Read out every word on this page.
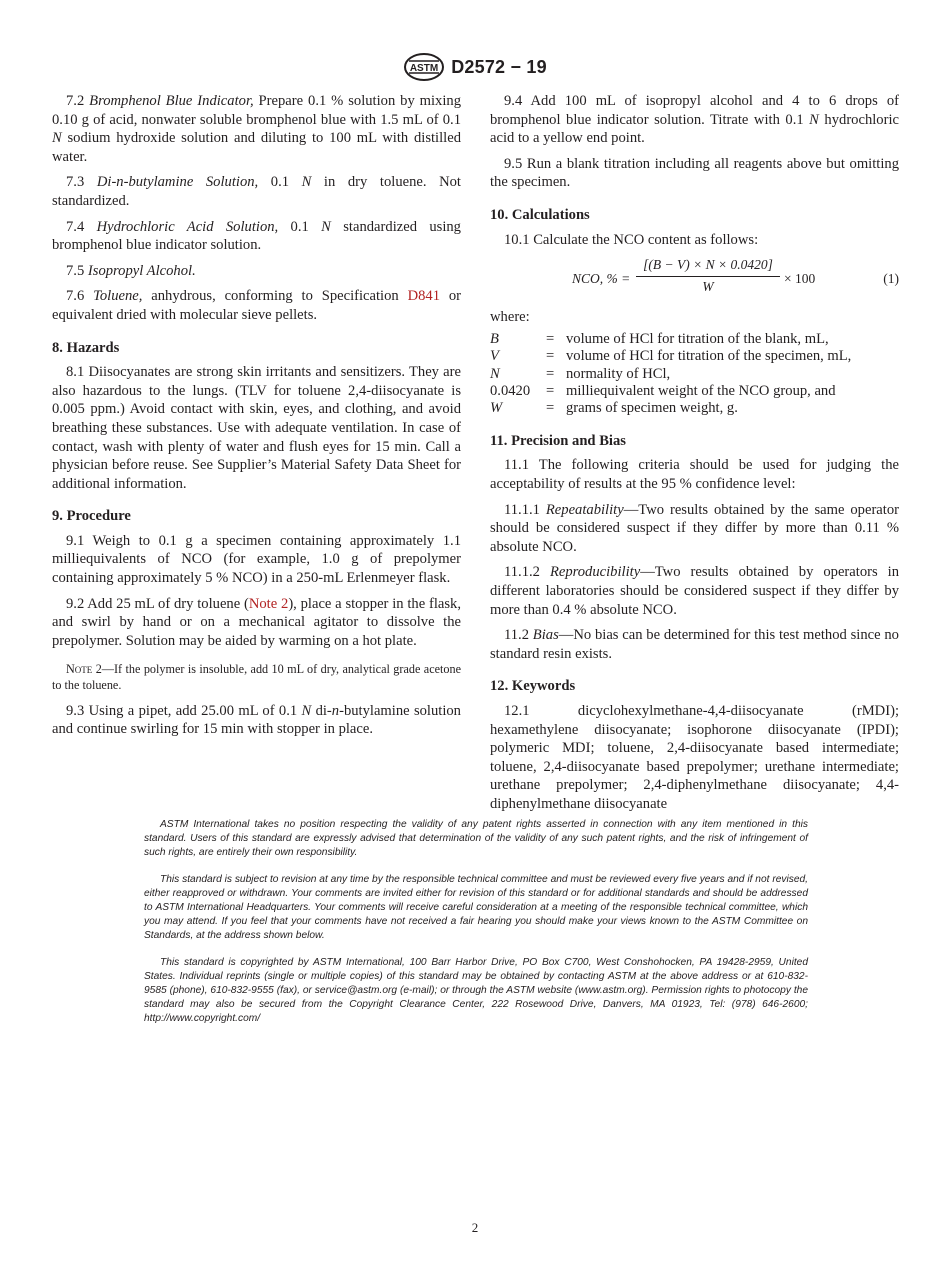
ASTM D2572 − 19

7.2 Bromphenol Blue Indicator, Prepare 0.1 % solution by mixing 0.10 g of acid, nonwater soluble bromphenol blue with 1.5 mL of 0.1 N sodium hydroxide solution and diluting to 100 mL with distilled water.

7.3 Di-n-butylamine Solution, 0.1 N in dry toluene. Not standardized.

7.4 Hydrochloric Acid Solution, 0.1 N standardized using bromphenol blue indicator solution.

7.5 Isopropyl Alcohol.

7.6 Toluene, anhydrous, conforming to Specification D841 or equivalent dried with molecular sieve pellets.

8. Hazards

8.1 Diisocyanates are strong skin irritants and sensitizers. They are also hazardous to the lungs. (TLV for toluene 2,4-diisocyanate is 0.005 ppm.) Avoid contact with skin, eyes, and clothing, and avoid breathing these substances. Use with adequate ventilation. In case of contact, wash with plenty of water and flush eyes for 15 min. Call a physician before reuse. See Supplier’s Material Safety Data Sheet for additional information.

9. Procedure

9.1 Weigh to 0.1 g a specimen containing approximately 1.1 milliequivalents of NCO (for example, 1.0 g of prepolymer containing approximately 5 % NCO) in a 250-mL Erlenmeyer flask.

9.2 Add 25 mL of dry toluene (Note 2), place a stopper in the flask, and swirl by hand or on a mechanical agitator to dissolve the prepolymer. Solution may be aided by warming on a hot plate.

Note 2—If the polymer is insoluble, add 10 mL of dry, analytical grade acetone to the toluene.

9.3 Using a pipet, add 25.00 mL of 0.1 N di-n-butylamine solution and continue swirling for 15 min with stopper in place.

9.4 Add 100 mL of isopropyl alcohol and 4 to 6 drops of bromphenol blue indicator solution. Titrate with 0.1 N hydrochloric acid to a yellow end point.

9.5 Run a blank titration including all reagents above but omitting the specimen.

10. Calculations

10.1 Calculate the NCO content as follows:

NCO, % = $\frac{[(B - V) \times N \times 0.0420]}{W} \times 100$	(1)

where:

B	=	volume of HCl for titration of the blank, mL,
V	=	volume of HCl for titration of the specimen, mL,
N	=	normality of HCl,
0.0420	=	milliequivalent weight of the NCO group, and
W	=	grams of specimen weight, g.

11. Precision and Bias

11.1 The following criteria should be used for judging the acceptability of results at the 95 % confidence level:

11.1.1 Repeatability—Two results obtained by the same operator should be considered suspect if they differ by more than 0.11 % absolute NCO.

11.1.2 Reproducibility—Two results obtained by operators in different laboratories should be considered suspect if they differ by more than 0.4 % absolute NCO.

11.2 Bias—No bias can be determined for this test method since no standard resin exists.

12. Keywords

12.1 dicyclohexylmethane-4,4-diisocyanate (rMDI); hexamethylene diisocyanate; isophorone diisocyanate (IPDI); polymeric MDI; toluene, 2,4-diisocyanate based intermediate; toluene, 2,4-diisocyanate based prepolymer; urethane intermediate; urethane prepolymer; 2,4-diphenylmethane diisocyanate; 4,4-diphenylmethane diisocyanate

ASTM International takes no position respecting the validity of any patent rights asserted in connection with any item mentioned in this standard. Users of this standard are expressly advised that determination of the validity of any such patent rights, and the risk of infringement of such rights, are entirely their own responsibility.

This standard is subject to revision at any time by the responsible technical committee and must be reviewed every five years and if not revised, either reapproved or withdrawn. Your comments are invited either for revision of this standard or for additional standards and should be addressed to ASTM International Headquarters. Your comments will receive careful consideration at a meeting of the responsible technical committee, which you may attend. If you feel that your comments have not received a fair hearing you should make your views known to the ASTM Committee on Standards, at the address shown below.

This standard is copyrighted by ASTM International, 100 Barr Harbor Drive, PO Box C700, West Conshohocken, PA 19428-2959, United States. Individual reprints (single or multiple copies) of this standard may be obtained by contacting ASTM at the above address or at 610-832-9585 (phone), 610-832-9555 (fax), or service@astm.org (e-mail); or through the ASTM website (www.astm.org). Permission rights to photocopy the standard may also be secured from the Copyright Clearance Center, 222 Rosewood Drive, Danvers, MA 01923, Tel: (978) 646-2600; http://www.copyright.com/

2
